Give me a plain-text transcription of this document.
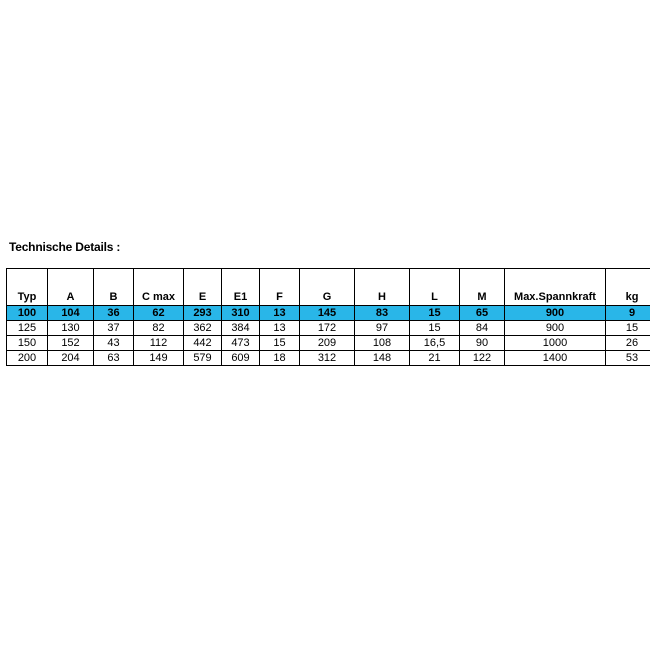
Technische Details :
Typ	A	B	C max	E	E1	F	G	H	L	M	Max.Spannkraft	kg
100	104	36	62	293	310	13	145	83	15	65	900	9
125	130	37	82	362	384	13	172	97	15	84	900	15
150	152	43	112	442	473	15	209	108	16,5	90	1000	26
200	204	63	149	579	609	18	312	148	21	122	1400	53
